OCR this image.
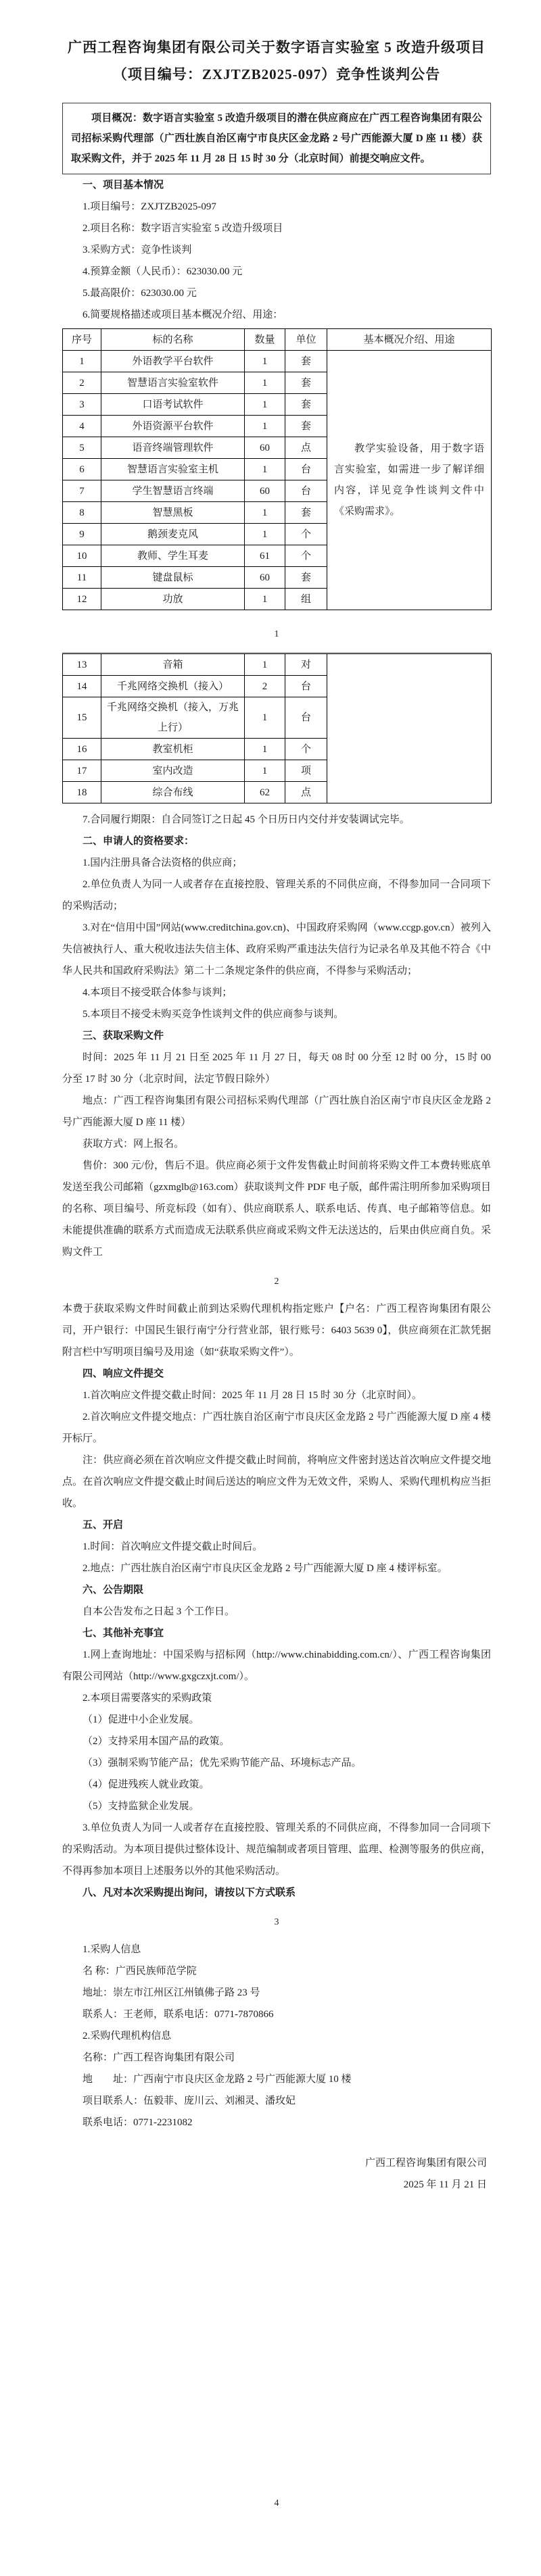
广西工程咨询集团有限公司关于数字语言实验室 5 改造升级项目
（项目编号：ZXJTZB2025-097）竞争性谈判公告
项目概况：数字语言实验室 5 改造升级项目的潜在供应商应在广西工程咨询集团有限公司招标采购代理部（广西壮族自治区南宁市良庆区金龙路 2 号广西能源大厦 D 座 11 楼）获取采购文件，并于 2025 年 11 月 28 日 15 时 30 分（北京时间）前提交响应文件。

一、项目基本情况

1.项目编号：ZXJTZB2025-097

2.项目名称：数字语言实验室 5 改造升级项目

3.采购方式：竞争性谈判

4.预算金额（人民币）：623030.00 元

5.最高限价：623030.00 元

6.简要规格描述或项目基本概况介绍、用途：

序号	标的名称	数量	单位	基本概况介绍、用途
1	外语教学平台软件	1	套	教学实验设备，用于数字语言实验室，如需进一步了解详细内容，详见竞争性谈判文件中《采购需求》。
2	智慧语言实验室软件	1	套	
3	口语考试软件	1	套	
4	外语资源平台软件	1	套	
5	语音终端管理软件	60	点	
6	智慧语言实验室主机	1	台	
7	学生智慧语言终端	60	台	
8	智慧黑板	1	套	
9	鹅颈麦克风	1	个	
10	教师、学生耳麦	61	个	
11	键盘鼠标	60	套	
12	功放	1	组	
1
13	音箱	1	对	
14	千兆网络交换机（接入）	2	台	
15	千兆网络交换机（接入，万兆上行）	1	台	
16	教室机柜	1	个	
17	室内改造	1	项	
18	综合布线	62	点	

7.合同履行期限：自合同签订之日起 45 个日历日内交付并安装调试完毕。

二、申请人的资格要求：

1.国内注册具备合法资格的供应商；

2.单位负责人为同一人或者存在直接控股、管理关系的不同供应商，不得参加同一合同项下的采购活动；

3.对在“信用中国”网站(www.creditchina.gov.cn)、中国政府采购网（www.ccgp.gov.cn）被列入失信被执行人、重大税收违法失信主体、政府采购严重违法失信行为记录名单及其他不符合《中华人民共和国政府采购法》第二十二条规定条件的供应商，不得参与采购活动；

4.本项目不接受联合体参与谈判；

5.本项目不接受未购买竞争性谈判文件的供应商参与谈判。

三、获取采购文件

时间：2025 年 11 月 21 日至 2025 年 11 月 27 日，每天 08 时 00 分至 12 时 00 分，15 时 00 分至 17 时 30 分（北京时间，法定节假日除外）

地点：广西工程咨询集团有限公司招标采购代理部（广西壮族自治区南宁市良庆区金龙路 2 号广西能源大厦 D 座 11 楼）

获取方式：网上报名。

售价：300 元/份，售后不退。供应商必须于文件发售截止时间前将采购文件工本费转账底单发送至我公司邮箱（gzxmglb@163.com）获取谈判文件 PDF 电子版，邮件需注明所参加采购项目的名称、项目编号、所竞标段（如有）、供应商联系人、联系电话、传真、电子邮箱等信息。如未能提供准确的联系方式而造成无法联系供应商或采购文件无法送达的，后果由供应商自负。采购文件工

2

本费于获取采购文件时间截止前到达采购代理机构指定账户【户名：广西工程咨询集团有限公司，开户银行：中国民生银行南宁分行营业部，银行账号：6403 5639 0】，供应商须在汇款凭据附言栏中写明项目编号及用途（如“获取采购文件”）。

四、响应文件提交

1.首次响应文件提交截止时间：2025 年 11 月 28 日 15 时 30 分（北京时间）。

2.首次响应文件提交地点：广西壮族自治区南宁市良庆区金龙路 2 号广西能源大厦 D 座 4 楼开标厅。

注：供应商必须在首次响应文件提交截止时间前，将响应文件密封送达首次响应文件提交地点。在首次响应文件提交截止时间后送达的响应文件为无效文件，采购人、采购代理机构应当拒收。

五、开启

1.时间：首次响应文件提交截止时间后。

2.地点：广西壮族自治区南宁市良庆区金龙路 2 号广西能源大厦 D 座 4 楼评标室。

六、公告期限

自本公告发布之日起 3 个工作日。

七、其他补充事宜

1.网上查询地址：中国采购与招标网（http://www.chinabidding.com.cn/）、广西工程咨询集团有限公司网站（http://www.gxgczxjt.com/）。

2.本项目需要落实的采购政策

（1）促进中小企业发展。

（2）支持采用本国产品的政策。

（3）强制采购节能产品；优先采购节能产品、环境标志产品。

（4）促进残疾人就业政策。

（5）支持监狱企业发展。

3.单位负责人为同一人或者存在直接控股、管理关系的不同供应商，不得参加同一合同项下的采购活动。为本项目提供过整体设计、规范编制或者项目管理、监理、检测等服务的供应商，不得再参加本项目上述服务以外的其他采购活动。

八、凡对本次采购提出询问，请按以下方式联系

3

1.采购人信息

名 称：广西民族师范学院

地址：崇左市江州区江州镇佛子路 23 号

联系人：王老师，联系电话：0771-7870866

2.采购代理机构信息

名称：广西工程咨询集团有限公司

地　　址：广西南宁市良庆区金龙路 2 号广西能源大厦 10 楼

项目联系人：伍毅菲、庞川云、刘湘灵、潘玫妃

联系电话：0771-2231082

广西工程咨询集团有限公司

2025 年 11 月 21 日

4
